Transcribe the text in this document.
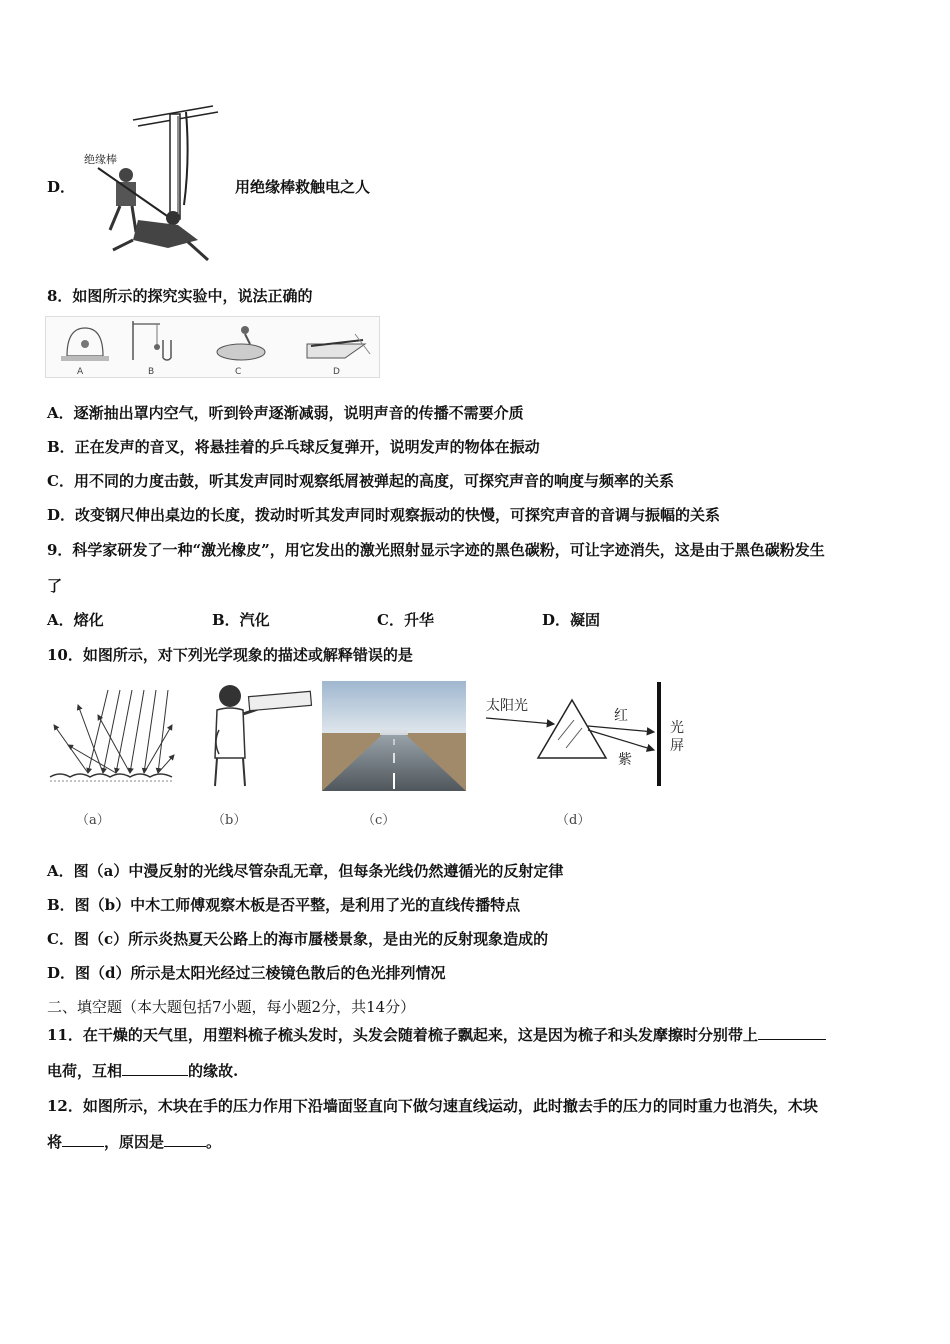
D．
绝缘棒
用绝缘棒救触电之人
8．如图所示的探究实验中，说法正确的
A	B	C	D
A．逐渐抽出罩内空气，听到铃声逐渐减弱，说明声音的传播不需要介质
B．正在发声的音叉，将悬挂着的乒乓球反复弹开，说明发声的物体在振动
C．用不同的力度击鼓，听其发声同时观察纸屑被弹起的高度，可探究声音的响度与频率的关系
D．改变钢尺伸出桌边的长度，拨动时听其发声同时观察振动的快慢，可探究声音的音调与振幅的关系
9．科学家研发了一种“激光橡皮”，用它发出的激光照射显示字迹的黑色碳粉，可让字迹消失，这是由于黑色碳粉发生
了
A．熔化	B．汽化	C．升华	D．凝固
10．如图所示，对下列光学现象的描述或解释错误的是
太阳光
红
紫
光
屏
（a）	（b）	（c）	（d）
A．图（a）中漫反射的光线尽管杂乱无章，但每条光线仍然遵循光的反射定律
B．图（b）中木工师傅观察木板是否平整，是利用了光的直线传播特点
C．图（c）所示炎热夏天公路上的海市蜃楼景象，是由光的反射现象造成的
D．图（d）所示是太阳光经过三棱镜色散后的色光排列情况
二、填空题（本大题包括7小题，每小题2分，共14分）
11．在干燥的天气里，用塑料梳子梳头发时，头发会随着梳子飘起来，这是因为梳子和头发摩擦时分别带上
电荷，互相	的缘故.
12．如图所示，木块在手的压力作用下沿墙面竖直向下做匀速直线运动，此时撤去手的压力的同时重力也消失，木块
将	，原因是	。
